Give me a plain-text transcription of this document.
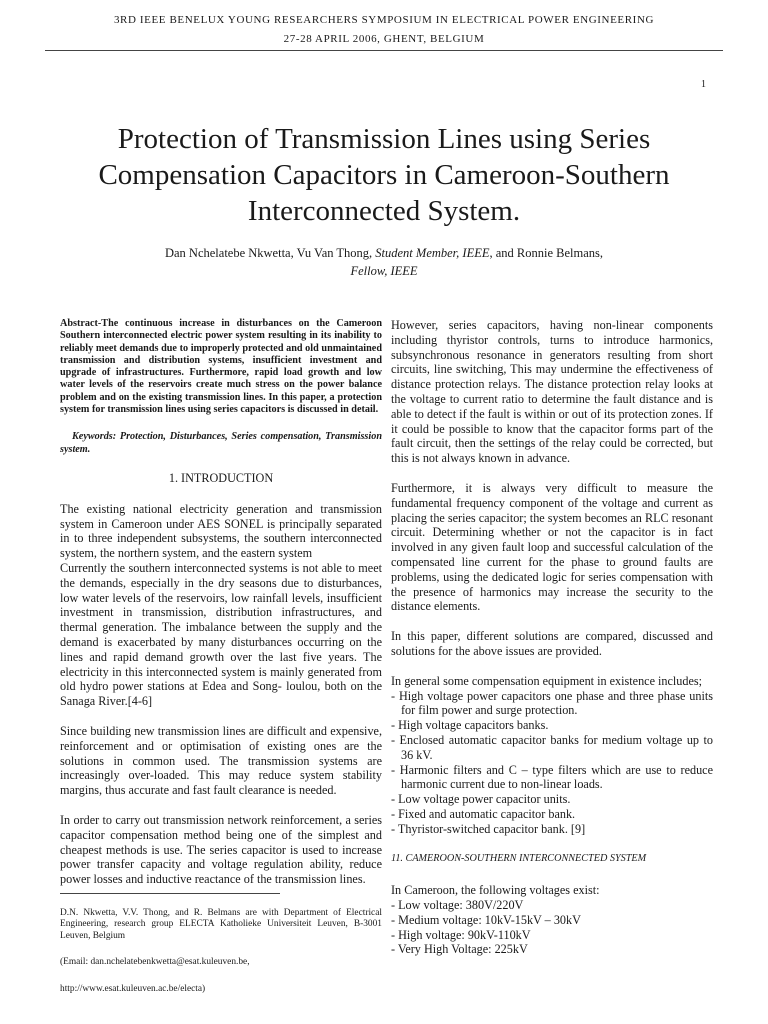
3RD IEEE BENELUX YOUNG RESEARCHERS SYMPOSIUM IN ELECTRICAL POWER ENGINEERING
27-28 APRIL 2006, GHENT, BELGIUM
1
Protection of Transmission Lines using Series Compensation Capacitors in Cameroon-Southern Interconnected System.
Dan Nchelatebe Nkwetta, Vu Van Thong, Student Member, IEEE, and Ronnie Belmans,
Fellow, IEEE

Abstract-The continuous increase in disturbances on the Cameroon Southern interconnected electric power system resulting in its inability to reliably meet demands due to improperly protected and old unmaintained transmission and distribution systems, insufficient investment and upgrade of infrastructures. Furthermore, rapid load growth and low water levels of the reservoirs create much stress on the power balance problem and on the existing transmission lines. In this paper, a protection system for transmission lines using series capacitors is discussed in detail.

Keywords: Protection, Disturbances, Series compensation, Transmission system.

1. INTRODUCTION

The existing national electricity generation and transmission system in Cameroon under AES SONEL is principally separated in to three independent subsystems, the southern interconnected system, the northern system, and the eastern system

Currently the southern interconnected systems is not able to meet the demands, especially in the dry seasons due to disturbances, low water levels of the reservoirs, low rainfall levels, insufficient investment in transmission, distribution infrastructures, and thermal generation. The imbalance between the supply and the demand is exacerbated by many disturbances occurring on the lines and rapid demand growth over the last five years. The electricity in this interconnected system is mainly generated from old hydro power stations at Edea and Song- loulou, both on the Sanaga River.[4-6]

Since building new transmission lines are difficult and expensive, reinforcement and or optimisation of existing ones are the solutions in common used. The transmission systems are increasingly over-loaded. This may reduce system stability margins, thus accurate and fast fault clearance is needed.

In order to carry out transmission network reinforcement, a series capacitor compensation method being one of the simplest and cheapest methods is use. The series capacitor is used to increase power transfer capacity and voltage regulation ability, reduce power losses and inductive reactance of the transmission lines.

D.N. Nkwetta, V.V. Thong, and R. Belmans are with Department of Electrical Engineering, research group ELECTA Katholieke Universiteit Leuven, B-3001 Leuven, Belgium

(Email: dan.nchelatebenkwetta@esat.kuleuven.be,

http://www.esat.kuleuven.ac.be/electa)

However, series capacitors, having non-linear components including thyristor controls, turns to introduce harmonics, subsynchronous resonance in generators resulting from short circuits, line switching, This may undermine the effectiveness of distance protection relays. The distance protection relay looks at the voltage to current ratio to determine the fault distance and is able to detect if the fault is within or out of its protection zones. If it could be possible to know that the capacitor forms part of the fault circuit, then the settings of the relay could be corrected, but this is not always known in advance.

Furthermore, it is always very difficult to measure the fundamental frequency component of the voltage and current as placing the series capacitor; the system becomes an RLC resonant circuit. Determining whether or not the capacitor is in fact involved in any given fault loop and successful calculation of the compensated line current for the phase to ground faults are problems, using the dedicated logic for series compensation with the presence of harmonics may increase the security to the distance elements.

In this paper, different solutions are compared, discussed and solutions for the above issues are provided.

In general some compensation equipment in existence includes;

- High voltage power capacitors one phase and three phase units for film power and surge protection.
- High voltage capacitors banks.
- Enclosed automatic capacitor banks for medium voltage up to 36 kV.
- Harmonic filters and C – type filters which are use to reduce harmonic current due to non-linear loads.
- Low voltage power capacitor units.
- Fixed and automatic capacitor bank.
- Thyristor-switched capacitor bank. [9]
11. CAMEROON-SOUTHERN INTERCONNECTED SYSTEM

In Cameroon, the following voltages exist:

- Low voltage: 380V/220V
- Medium voltage: 10kV-15kV – 30kV
- High voltage: 90kV-110kV
- Very High Voltage: 225kV
